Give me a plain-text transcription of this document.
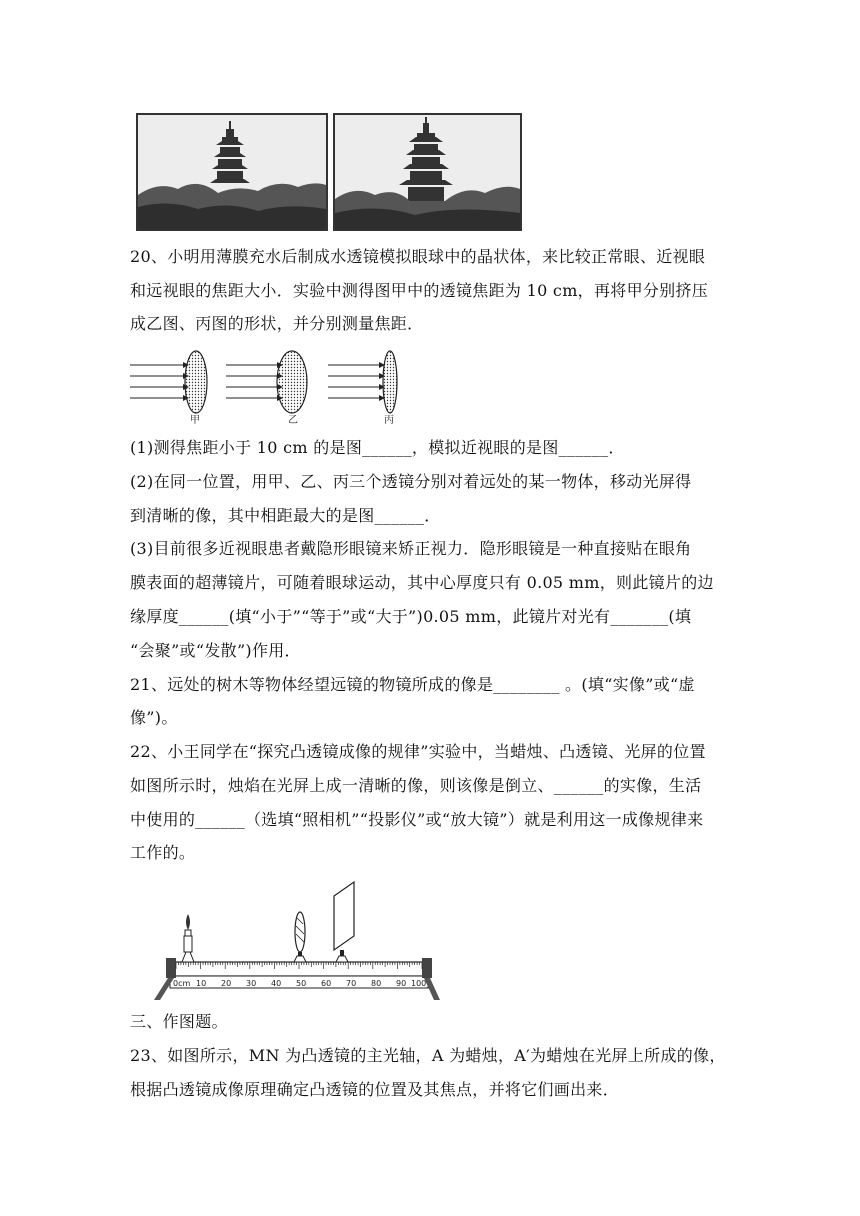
20、小明用薄膜充水后制成水透镜模拟眼球中的晶状体，来比较正常眼、近视眼
和远视眼的焦距大小．实验中测得图甲中的透镜焦距为 10 cm，再将甲分别挤压
成乙图、丙图的形状，并分别测量焦距．
甲	乙	丙
(1)测得焦距小于 10 cm 的是图______，模拟近视眼的是图______．
(2)在同一位置，用甲、乙、丙三个透镜分别对着远处的某一物体，移动光屏得
到清晰的像，其中相距最大的是图______．
(3)目前很多近视眼患者戴隐形眼镜来矫正视力．隐形眼镜是一种直接贴在眼角
膜表面的超薄镜片，可随着眼球运动，其中心厚度只有 0.05 mm，则此镜片的边
缘厚度______(填“小于”“等于”或“大于”)0.05 mm，此镜片对光有_______(填
“会聚”或“发散”)作用．
21、远处的树木等物体经望远镜的物镜所成的像是________ 。(填“实像”或“虚
像”)。
22、小王同学在“探究凸透镜成像的规律”实验中，当蜡烛、凸透镜、光屏的位置
如图所示时，烛焰在光屏上成一清晰的像，则该像是倒立、______的实像，生活
中使用的______（选填“照相机”“投影仪”或“放大镜”）就是利用这一成像规律来
工作的。
0cm 10 20 30 40 50 60 70 80 90 100
三、作图题。
23、如图所示，MN 为凸透镜的主光轴，A 为蜡烛，A′为蜡烛在光屏上所成的像，
根据凸透镜成像原理确定凸透镜的位置及其焦点，并将它们画出来．
